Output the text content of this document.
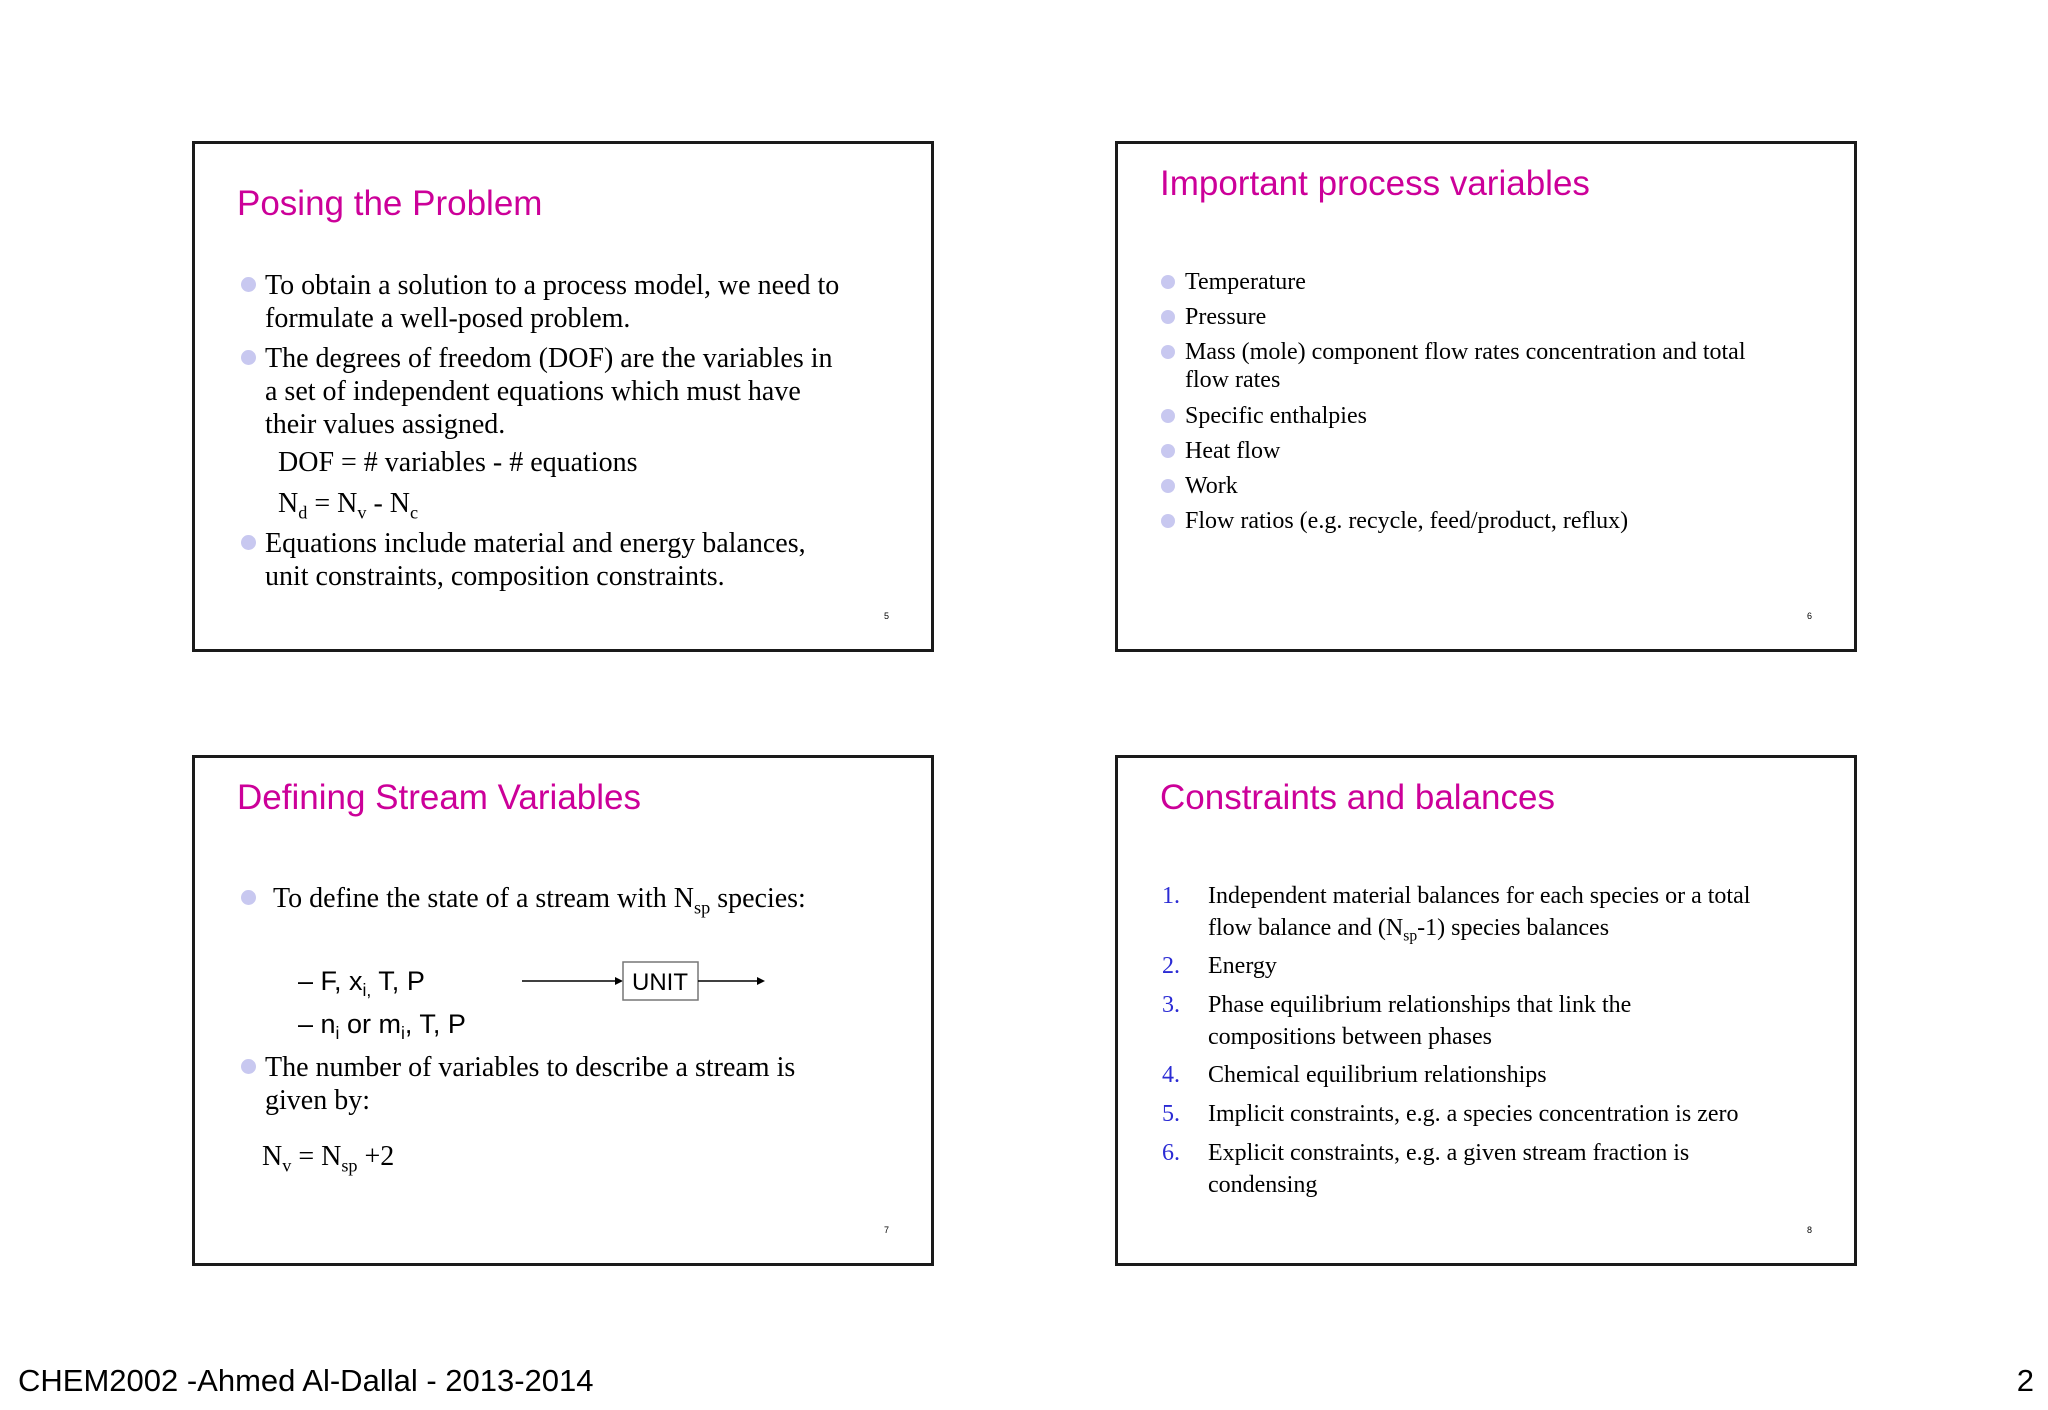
Posing the Problem
To obtain a solution to a process model, we need to
formulate a well-posed problem.
The degrees of freedom (DOF) are the variables in
a set of independent equations which must have
their values assigned.
DOF = # variables - # equations
$N_d = N_v - N_c$
Equations include material and energy balances,
unit constraints, composition constraints.
5
Important process variables
Temperature
Pressure
Mass (mole) component flow rates concentration and total
flow rates
Specific enthalpies
Heat flow
Work
Flow ratios (e.g. recycle, feed/product, reflux)
6
Defining Stream Variables
To define the state of a stream with $N_{sp}$ species:
– F, $x_{i,}$ T, P
– $n_i$ or $m_i$, T, P
UNIT
The number of variables to describe a stream is
given by:
$N_v = N_{sp} +2$
7
Constraints and balances
1. Independent material balances for each species or a total
flow balance and $(N_{sp}-1)$ species balances
2. Energy
3. Phase equilibrium relationships that link the
compositions between phases
4. Chemical equilibrium relationships
5. Implicit constraints, e.g. a species concentration is zero
6. Explicit constraints, e.g. a given stream fraction is
condensing
8
CHEM2002 -Ahmed Al-Dallal - 2013-2014	2
